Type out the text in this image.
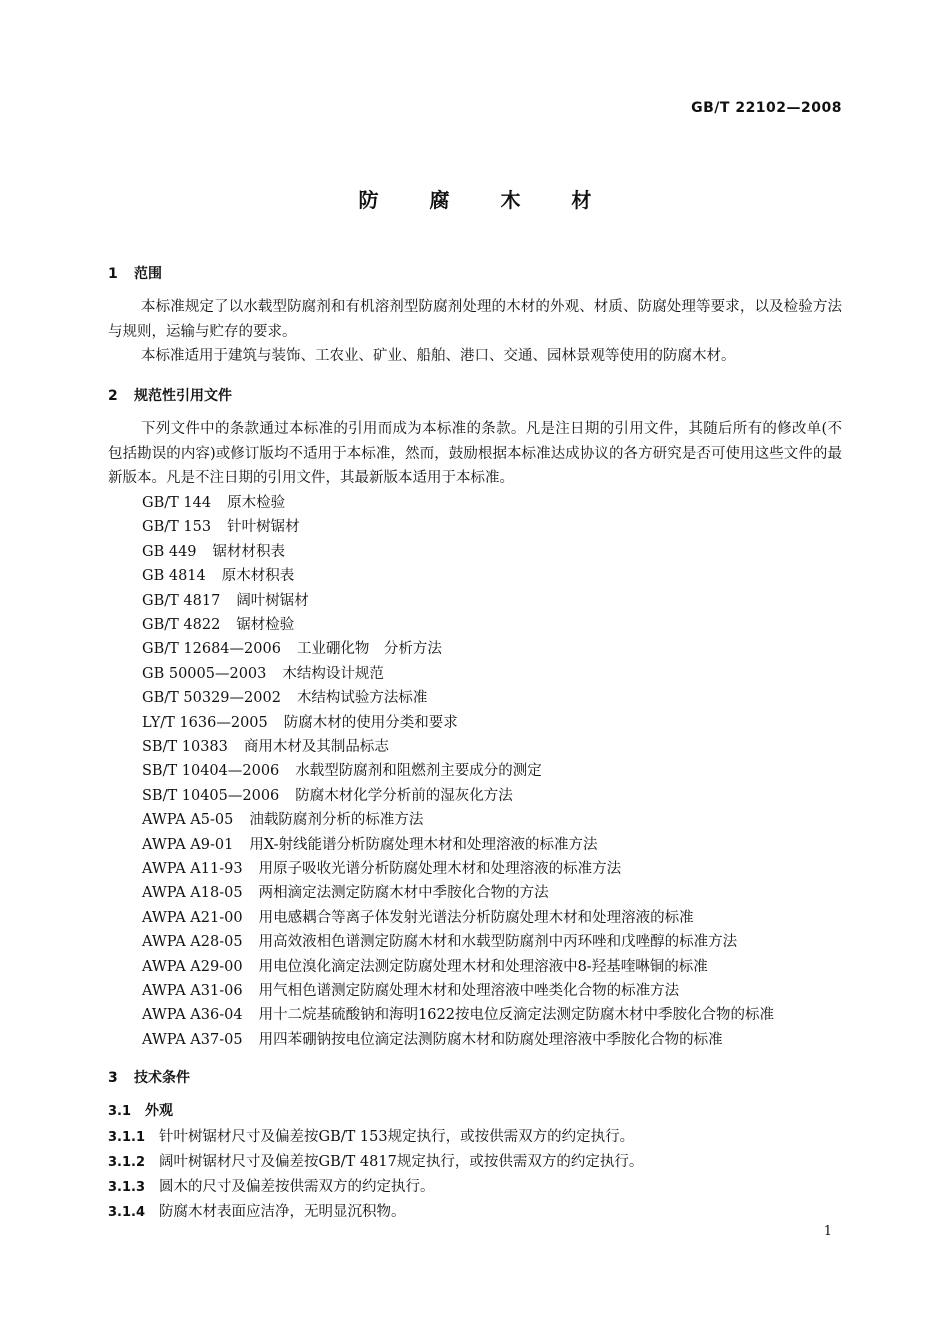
GB/T 22102—2008
防 腐 木 材
1 范围
本标准规定了以水载型防腐剂和有机溶剂型防腐剂处理的木材的外观、材质、防腐处理等要求，以及检验方法与规则，运输与贮存的要求。
本标准适用于建筑与装饰、工农业、矿业、船舶、港口、交通、园林景观等使用的防腐木材。
2 规范性引用文件
下列文件中的条款通过本标准的引用而成为本标准的条款。凡是注日期的引用文件，其随后所有的修改单(不包括勘误的内容)或修订版均不适用于本标准，然而，鼓励根据本标准达成协议的各方研究是否可使用这些文件的最新版本。凡是不注日期的引用文件，其最新版本适用于本标准。
GB/T 144 原木检验
GB/T 153 针叶树锯材
GB 449 锯材材积表
GB 4814 原木材积表
GB/T 4817 阔叶树锯材
GB/T 4822 锯材检验
GB/T 12684—2006 工业硼化物　分析方法
GB 50005—2003 木结构设计规范
GB/T 50329—2002 木结构试验方法标准
LY/T 1636—2005 防腐木材的使用分类和要求
SB/T 10383 商用木材及其制品标志
SB/T 10404—2006 水载型防腐剂和阻燃剂主要成分的测定
SB/T 10405—2006 防腐木材化学分析前的湿灰化方法
AWPA A5-05 油载防腐剂分析的标准方法
AWPA A9-01 用X-射线能谱分析防腐处理木材和处理溶液的标准方法
AWPA A11-93 用原子吸收光谱分析防腐处理木材和处理溶液的标准方法
AWPA A18-05 两相滴定法测定防腐木材中季胺化合物的方法
AWPA A21-00 用电感耦合等离子体发射光谱法分析防腐处理木材和处理溶液的标准
AWPA A28-05 用高效液相色谱测定防腐木材和水载型防腐剂中丙环唑和戊唑醇的标准方法
AWPA A29-00 用电位溴化滴定法测定防腐处理木材和处理溶液中8-羟基喹啉铜的标准
AWPA A31-06 用气相色谱测定防腐处理木材和处理溶液中唑类化合物的标准方法
AWPA A36-04 用十二烷基硫酸钠和海明1622按电位反滴定法测定防腐木材中季胺化合物的标准
AWPA A37-05 用四苯硼钠按电位滴定法测防腐木材和防腐处理溶液中季胺化合物的标准
3 技术条件
3.1 外观
3.1.1 针叶树锯材尺寸及偏差按GB/T 153规定执行，或按供需双方的约定执行。
3.1.2 阔叶树锯材尺寸及偏差按GB/T 4817规定执行，或按供需双方的约定执行。
3.1.3 圆木的尺寸及偏差按供需双方的约定执行。
3.1.4 防腐木材表面应洁净，无明显沉积物。
1
